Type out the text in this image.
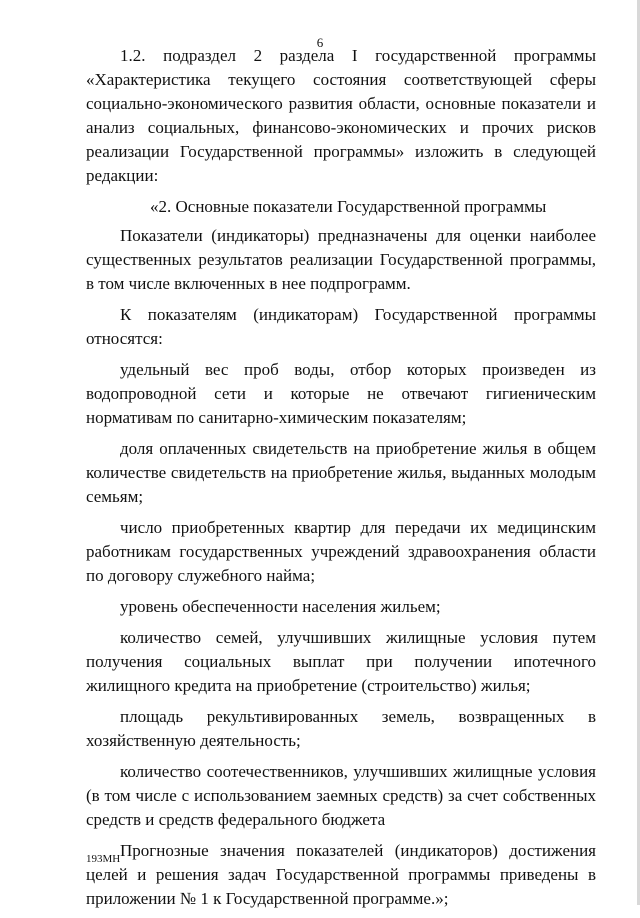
6

1.2. подраздел 2 раздела I государственной программы «Характеристика текущего состояния соответствующей сферы социально-экономического развития области, основные показатели и анализ социальных, финансово-экономических и прочих рисков реализации Государственной программы» изложить в следующей редакции:

«2. Основные показатели Государственной программы

Показатели (индикаторы) предназначены для оценки наиболее существенных результатов реализации Государственной программы, в том числе включенных в нее подпрограмм.

К показателям (индикаторам) Государственной программы относятся:

удельный вес проб воды, отбор которых произведен из водопроводной сети и которые не отвечают гигиеническим нормативам по санитарно-химическим показателям;

доля оплаченных свидетельств на приобретение жилья в общем количестве свидетельств на приобретение жилья, выданных молодым семьям;

число приобретенных квартир для передачи их медицинским работникам государственных учреждений здравоохранения области по договору служебного найма;

уровень обеспеченности населения жильем;

количество семей, улучшивших жилищные условия путем получения социальных выплат при получении ипотечного жилищного кредита на приобретение (строительство) жилья;

площадь рекультивированных земель, возвращенных в хозяйственную деятельность;

количество соотечественников, улучшивших жилищные условия (в том числе с использованием заемных средств) за счет собственных средств и средств федерального бюджета

Прогнозные значения показателей (индикаторов) достижения целей и решения задач Государственной программы приведены в приложении № 1 к Государственной программе.»;

193МН
